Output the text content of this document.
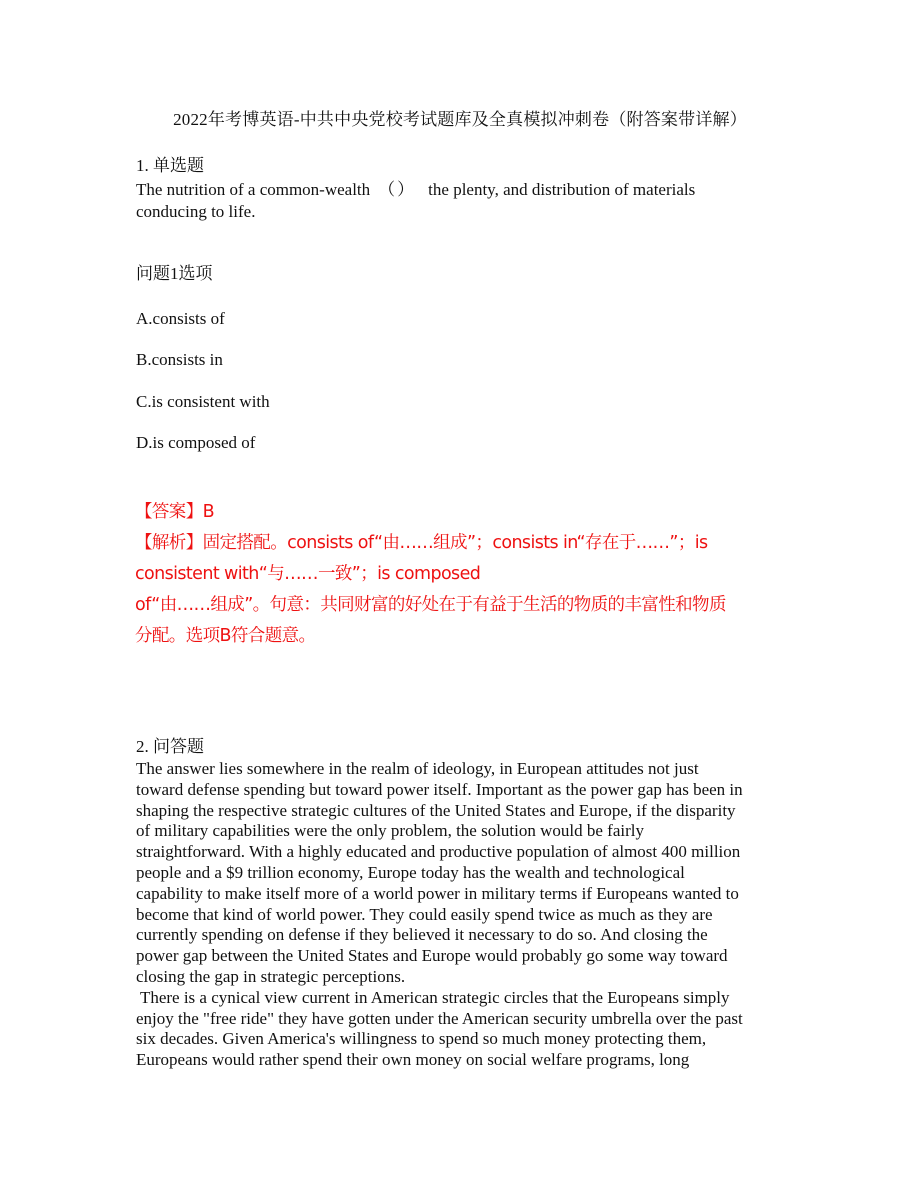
2022年考博英语-中共中央党校考试题库及全真模拟冲刺卷（附答案带详解）
1. 单选题
The nutrition of a common-wealth （） the plenty, and distribution of materials
conducing to life.
问题1选项
A.consists of
B.consists in
C.is consistent with
D.is composed of
【答案】B
【解析】固定搭配。consists of“由……组成”；consists in“存在于……”；is
consistent with“与……一致”；is composed
of“由……组成”。句意：共同财富的好处在于有益于生活的物质的丰富性和物质
分配。选项B符合题意。
2. 问答题
The answer lies somewhere in the realm of ideology, in European attitudes not just
toward defense spending but toward power itself. Important as the power gap has been in
shaping the respective strategic cultures of the United States and Europe, if the disparity
of military capabilities were the only problem, the solution would be fairly
straightforward. With a highly educated and productive population of almost 400 million
people and a $9 trillion economy, Europe today has the wealth and technological
capability to make itself more of a world power in military terms if Europeans wanted to
become that kind of world power. They could easily spend twice as much as they are
currently spending on defense if they believed it necessary to do so. And closing the
power gap between the United States and Europe would probably go some way toward
closing the gap in strategic perceptions.
There is a cynical view current in American strategic circles that the Europeans simply
enjoy the "free ride" they have gotten under the American security umbrella over the past
six decades. Given America's willingness to spend so much money protecting them,
Europeans would rather spend their own money on social welfare programs, long
